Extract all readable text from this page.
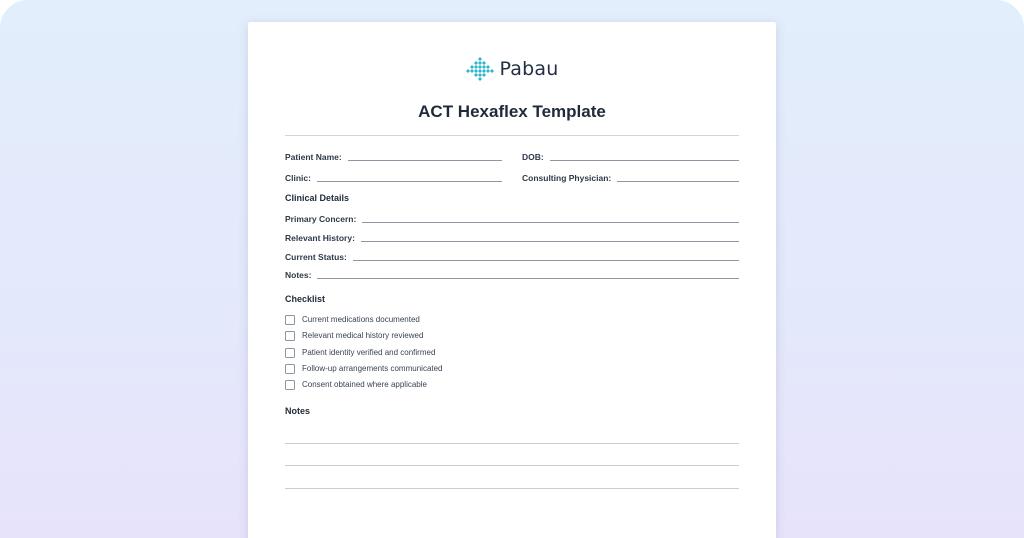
Pabau
ACT Hexaflex Template
Patient Name:	DOB:
Clinic:	Consulting Physician:
Clinical Details
Primary Concern:
Relevant History:
Current Status:
Notes:
Checklist
Current medications documented
Relevant medical history reviewed
Patient identity verified and confirmed
Follow-up arrangements communicated
Consent obtained where applicable
Notes
